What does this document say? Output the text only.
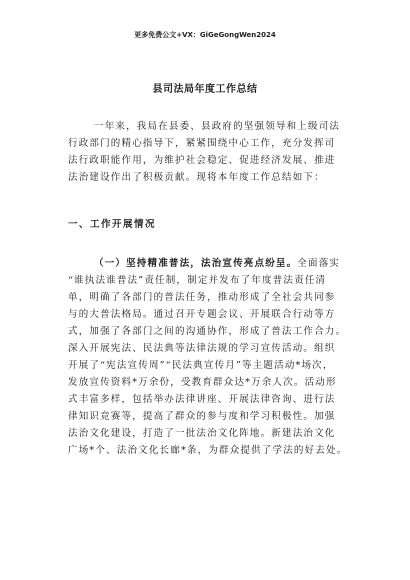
更多免费公文+VX：GiGeGongWen2024
县司法局年度工作总结
一年来，我局在县委、县政府的坚强领导和上级司法
行政部门的精心指导下，紧紧围绕中心工作，充分发挥司
法行政职能作用，为维护社会稳定、促进经济发展、推进
法治建设作出了积极贡献。现将本年度工作总结如下：
一、工作开展情况
（一）坚持精准普法，法治宣传亮点纷呈。全面落实
“谁执法谁普法”责任制，制定并发布了年度普法责任清
单，明确了各部门的普法任务，推动形成了全社会共同参
与的大普法格局。通过召开专题会议、开展联合行动等方
式，加强了各部门之间的沟通协作，形成了普法工作合力。
深入开展宪法、民法典等法律法规的学习宣传活动。组织
开展了“宪法宣传周”“民法典宣传月”等主题活动*场次，
发放宣传资料*万余份，受教育群众达*万余人次。活动形
式丰富多样，包括举办法律讲座、开展法律咨询、进行法
律知识竞赛等，提高了群众的参与度和学习积极性。加强
法治文化建设，打造了一批法治文化阵地。新建法治文化
广场*个、法治文化长廊*条，为群众提供了学法的好去处。
